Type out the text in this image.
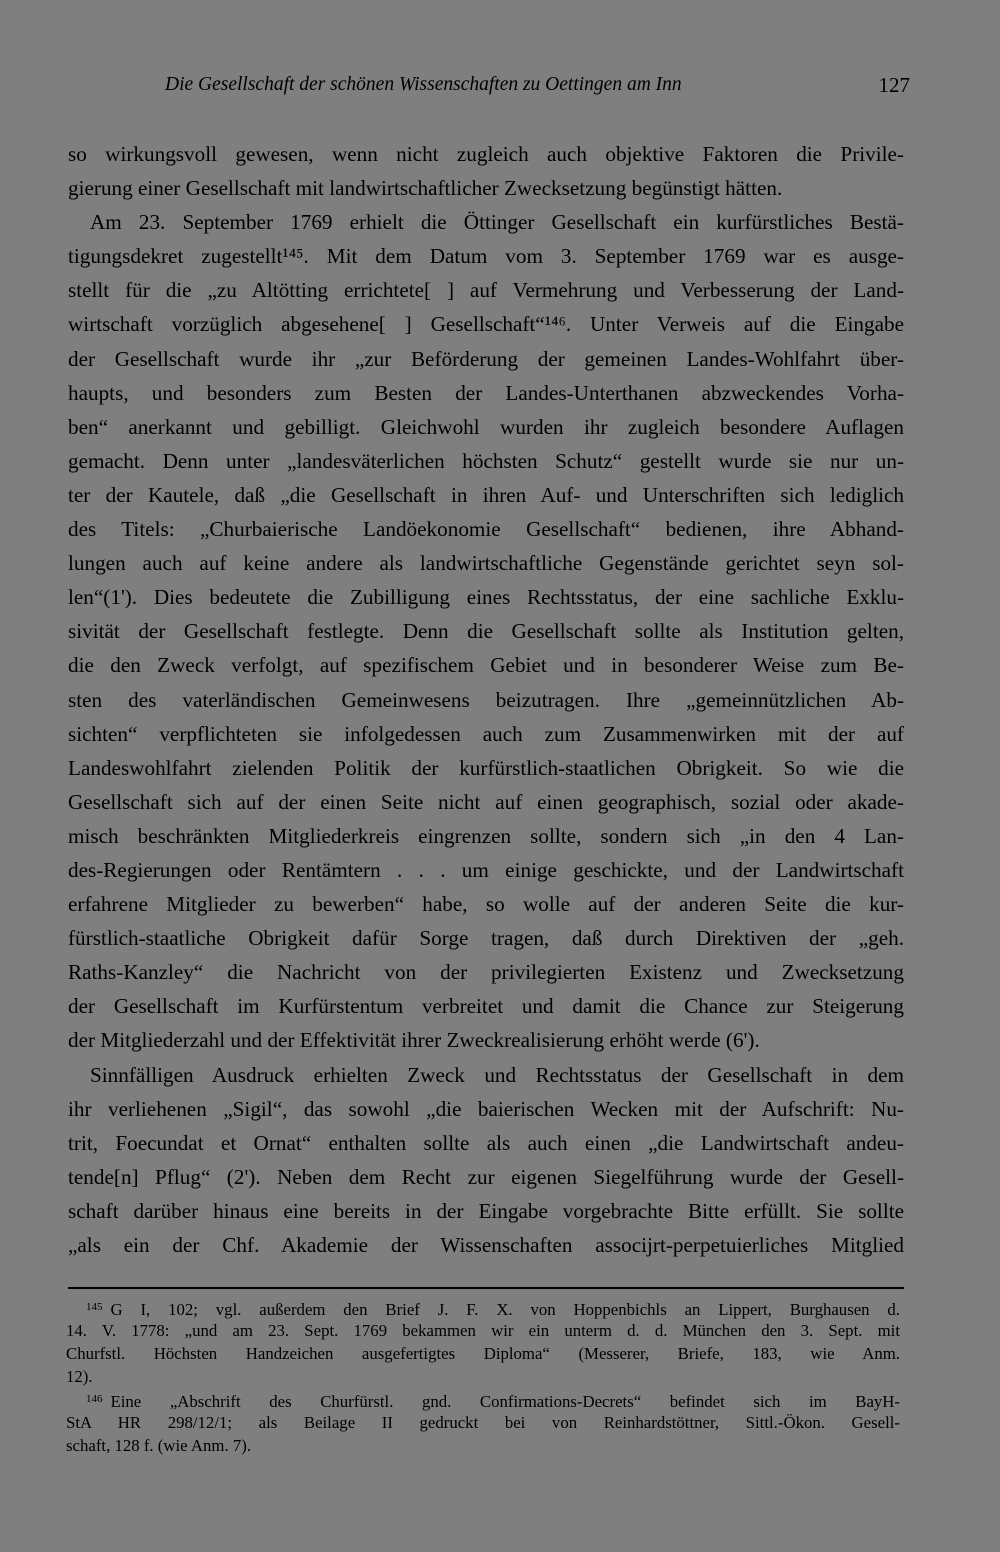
Die Gesellschaft der schönen Wissenschaften zu Oettingen am Inn	127
so wirkungsvoll gewesen, wenn nicht zugleich auch objektive Faktoren die Privile-
gierung einer Gesellschaft mit landwirtschaftlicher Zwecksetzung begünstigt hätten.
Am 23. September 1769 erhielt die Öttinger Gesellschaft ein kurfürstliches Bestä-
tigungsdekret zugestellt¹⁴⁵. Mit dem Datum vom 3. September 1769 war es ausge-
stellt für die „zu Altötting errichtete[ ] auf Vermehrung und Verbesserung der Land-
wirtschaft vorzüglich abgesehene[ ] Gesellschaft“¹⁴⁶. Unter Verweis auf die Eingabe
der Gesellschaft wurde ihr „zur Beförderung der gemeinen Landes-Wohlfahrt über-
haupts, und besonders zum Besten der Landes-Unterthanen abzweckendes Vorha-
ben“ anerkannt und gebilligt. Gleichwohl wurden ihr zugleich besondere Auflagen
gemacht. Denn unter „landesväterlichen höchsten Schutz“ gestellt wurde sie nur un-
ter der Kautele, daß „die Gesellschaft in ihren Auf- und Unterschriften sich lediglich
des Titels: „Churbaierische Landöekonomie Gesellschaft“ bedienen, ihre Abhand-
lungen auch auf keine andere als landwirtschaftliche Gegenstände gerichtet seyn sol-
len“(1'). Dies bedeutete die Zubilligung eines Rechtsstatus, der eine sachliche Exklu-
sivität der Gesellschaft festlegte. Denn die Gesellschaft sollte als Institution gelten,
die den Zweck verfolgt, auf spezifischem Gebiet und in besonderer Weise zum Be-
sten des vaterländischen Gemeinwesens beizutragen. Ihre „gemeinnützlichen Ab-
sichten“ verpflichteten sie infolgedessen auch zum Zusammenwirken mit der auf
Landeswohlfahrt zielenden Politik der kurfürstlich-staatlichen Obrigkeit. So wie die
Gesellschaft sich auf der einen Seite nicht auf einen geographisch, sozial oder akade-
misch beschränkten Mitgliederkreis eingrenzen sollte, sondern sich „in den 4 Lan-
des-Regierungen oder Rentämtern . . . um einige geschickte, und der Landwirtschaft
erfahrene Mitglieder zu bewerben“ habe, so wolle auf der anderen Seite die kur-
fürstlich-staatliche Obrigkeit dafür Sorge tragen, daß durch Direktiven der „geh.
Raths-Kanzley“ die Nachricht von der privilegierten Existenz und Zwecksetzung
der Gesellschaft im Kurfürstentum verbreitet und damit die Chance zur Steigerung
der Mitgliederzahl und der Effektivität ihrer Zweckrealisierung erhöht werde (6').
Sinnfälligen Ausdruck erhielten Zweck und Rechtsstatus der Gesellschaft in dem
ihr verliehenen „Sigil“, das sowohl „die baierischen Wecken mit der Aufschrift: Nu-
trit, Foecundat et Ornat“ enthalten sollte als auch einen „die Landwirtschaft andeu-
tende[n] Pflug“ (2'). Neben dem Recht zur eigenen Siegelführung wurde der Gesell-
schaft darüber hinaus eine bereits in der Eingabe vorgebrachte Bitte erfüllt. Sie sollte
„als ein der Chf. Akademie der Wissenschaften associjrt-perpetuierliches Mitglied
$^{145}$ G I, 102; vgl. außerdem den Brief J. F. X. von Hoppenbichls an Lippert, Burghausen d.
14. V. 1778: „und am 23. Sept. 1769 bekammen wir ein unterm d. d. München den 3. Sept. mit
Churfstl. Höchsten Handzeichen ausgefertigtes Diploma“ (Messerer, Briefe, 183, wie Anm.
12).
$^{146}$ Eine „Abschrift des Churfürstl. gnd. Confirmations-Decrets“ befindet sich im BayH-
StA HR 298/12/1; als Beilage II gedruckt bei von Reinhardstöttner, Sittl.-Ökon. Gesell-
schaft, 128 f. (wie Anm. 7).
